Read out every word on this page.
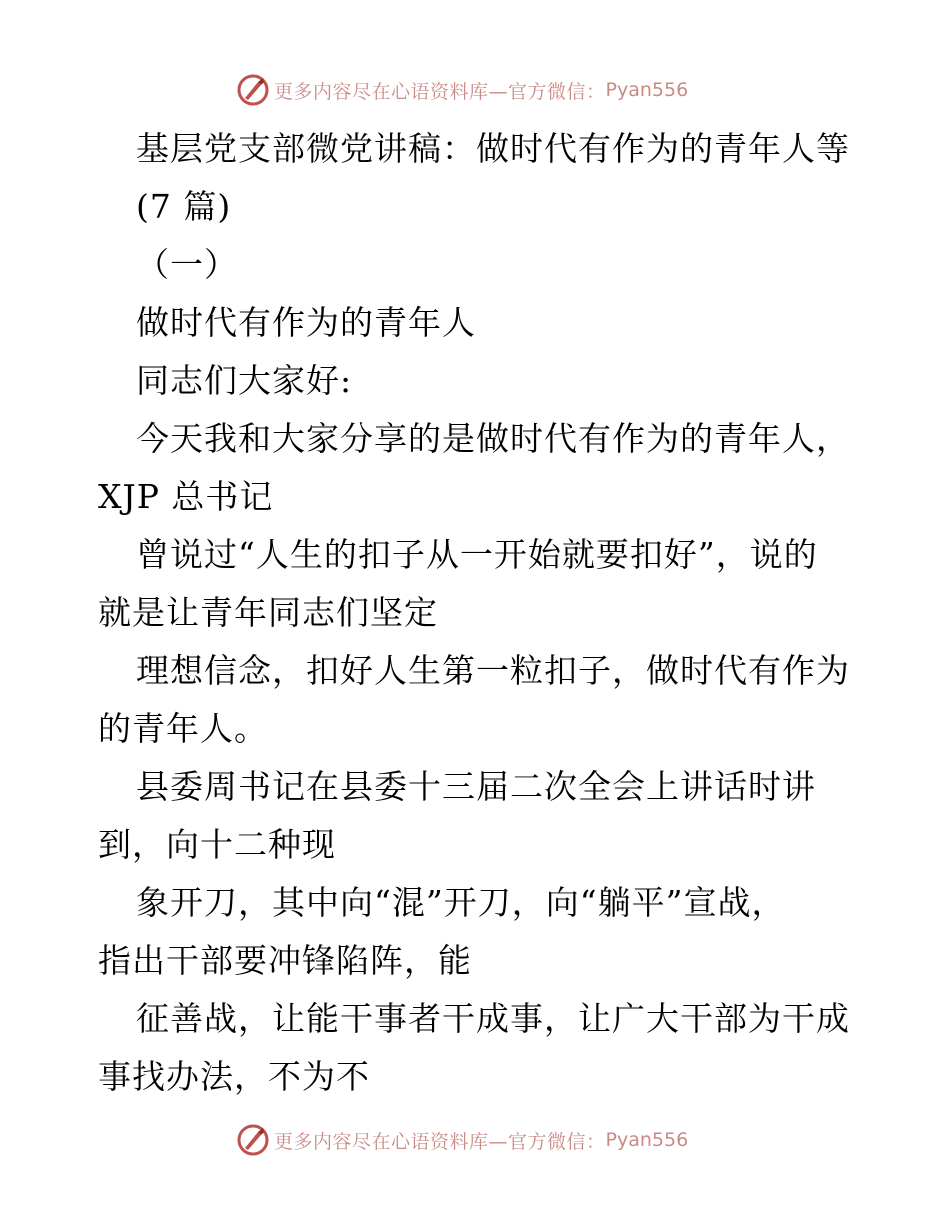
更多内容尽在心语资料库—官方微信： Pyan556
基层党支部微党讲稿：做时代有作为的青年人等
(7 篇)
（一）
做时代有作为的青年人
同志们大家好:
今天我和大家分享的是做时代有作为的青年人，
XJP 总书记
曾说过“人生的扣子从一开始就要扣好”，说的
就是让青年同志们坚定
理想信念，扣好人生第一粒扣子，做时代有作为
的青年人。
县委周书记在县委十三届二次全会上讲话时讲
到，向十二种现
象开刀，其中向“混”开刀，向“躺平”宣战，
指出干部要冲锋陷阵，能
征善战，让能干事者干成事，让广大干部为干成
事找办法，不为不
更多内容尽在心语资料库—官方微信： Pyan556
